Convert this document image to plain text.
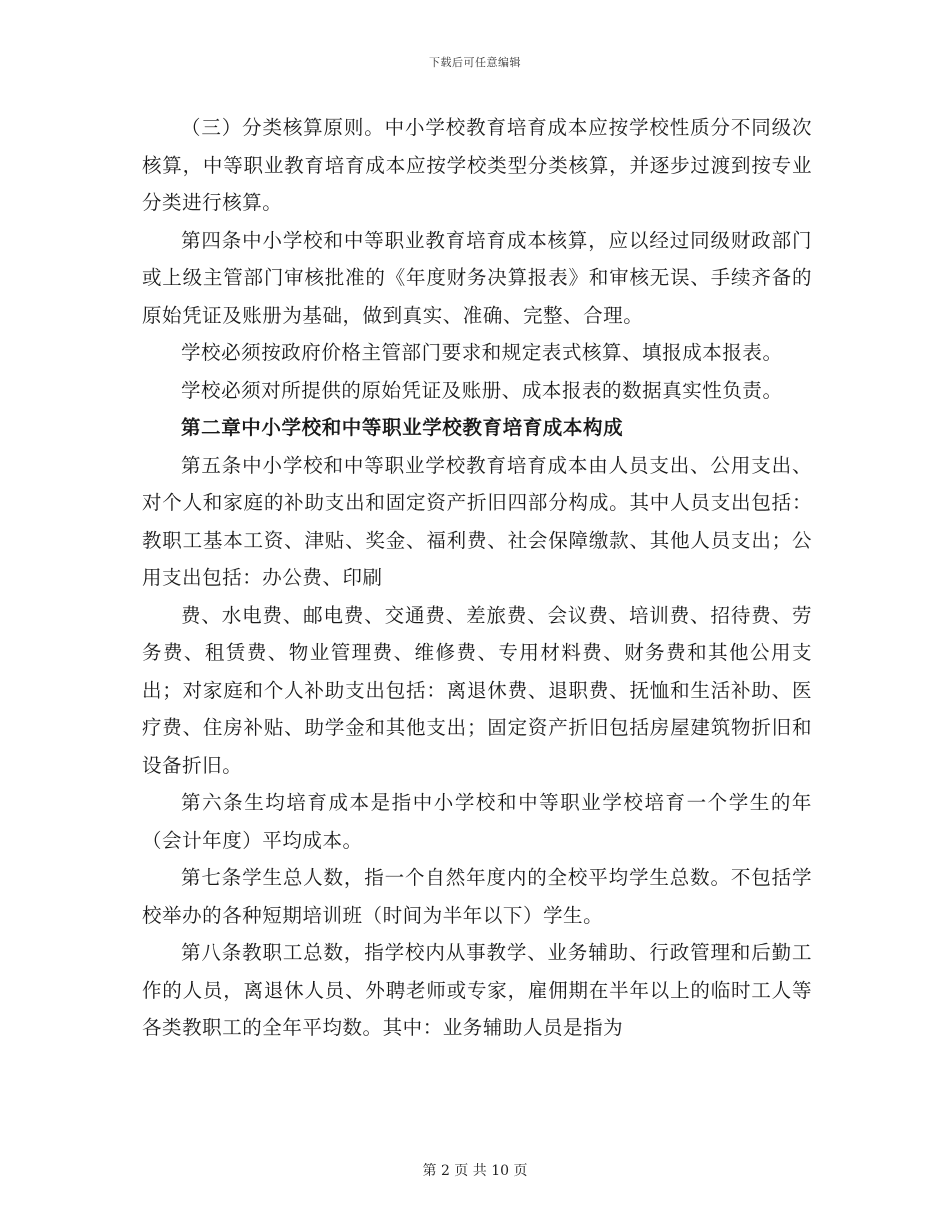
下载后可任意编辑

（三）分类核算原则。中小学校教育培育成本应按学校性质分不同级次核算，中等职业教育培育成本应按学校类型分类核算，并逐步过渡到按专业分类进行核算。

第四条中小学校和中等职业教育培育成本核算，应以经过同级财政部门或上级主管部门审核批准的《年度财务决算报表》和审核无误、手续齐备的原始凭证及账册为基础，做到真实、准确、完整、合理。

学校必须按政府价格主管部门要求和规定表式核算、填报成本报表。

学校必须对所提供的原始凭证及账册、成本报表的数据真实性负责。

第二章中小学校和中等职业学校教育培育成本构成

第五条中小学校和中等职业学校教育培育成本由人员支出、公用支出、对个人和家庭的补助支出和固定资产折旧四部分构成。其中人员支出包括：教职工基本工资、津贴、奖金、福利费、社会保障缴款、其他人员支出；公用支出包括：办公费、印刷

费、水电费、邮电费、交通费、差旅费、会议费、培训费、招待费、劳务费、租赁费、物业管理费、维修费、专用材料费、财务费和其他公用支出；对家庭和个人补助支出包括：离退休费、退职费、抚恤和生活补助、医疗费、住房补贴、助学金和其他支出；固定资产折旧包括房屋建筑物折旧和设备折旧。

第六条生均培育成本是指中小学校和中等职业学校培育一个学生的年（会计年度）平均成本。

第七条学生总人数，指一个自然年度内的全校平均学生总数。不包括学校举办的各种短期培训班（时间为半年以下）学生。

第八条教职工总数，指学校内从事教学、业务辅助、行政管理和后勤工作的人员，离退休人员、外聘老师或专家，雇佣期在半年以上的临时工人等各类教职工的全年平均数。其中：业务辅助人员是指为

第 2 页 共 10 页
